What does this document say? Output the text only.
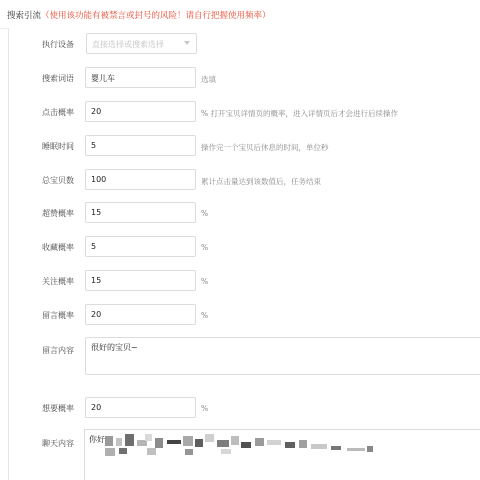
搜索引流（使用该功能有被禁言或封号的风险！请自行把握使用频率）
执行设备	直接选择或搜索选择
搜索词语	婴儿车	选填
点击概率	20	% 打开宝贝详情页的概率，进入详情页后才会进行后续操作
睡眠时间	5	操作完一个宝贝后休息的时间，单位秒
总宝贝数	100	累计点击量达到该数值后，任务结束
超赞概率	15	%
收藏概率	5	%
关注概率	15	%
留言概率	20	%
留言内容	很好的宝贝~
想要概率	20	%
聊天内容 你好
